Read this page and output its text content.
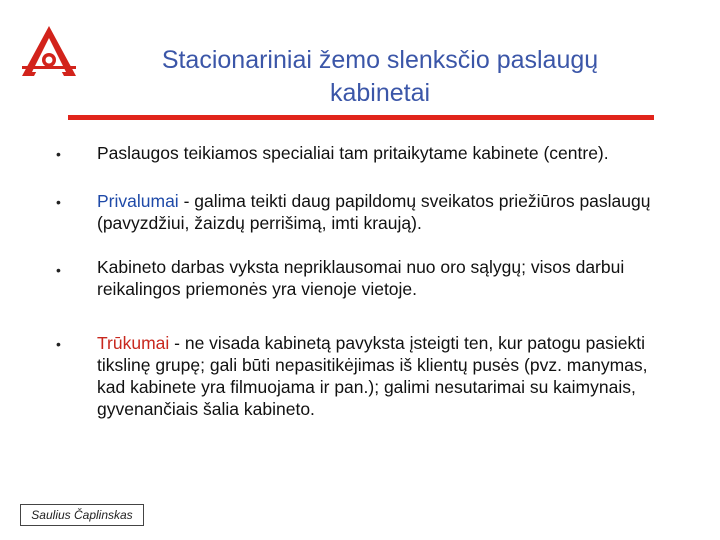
Stacionariniai žemo slenksčio paslaugų
kabinetai
•
•
•
•
Paslaugos teikiamos specialiai tam pritaikytame kabinete (centre).
Privalumai - galima teikti daug papildomų sveikatos priežiūros paslaugų (pavyzdžiui, žaizdų perrišimą, imti kraują).
Kabineto darbas vyksta nepriklausomai nuo oro sąlygų; visos darbui reikalingos priemonės yra vienoje vietoje.
Trūkumai - ne visada kabinetą pavyksta įsteigti ten, kur patogu pasiekti tikslinę grupę; gali būti nepasitikėjimas iš klientų pusės (pvz. manymas, kad kabinete yra filmuojama ir pan.); galimi nesutarimai su kaimynais, gyvenančiais šalia kabineto.
Saulius Čaplinskas
